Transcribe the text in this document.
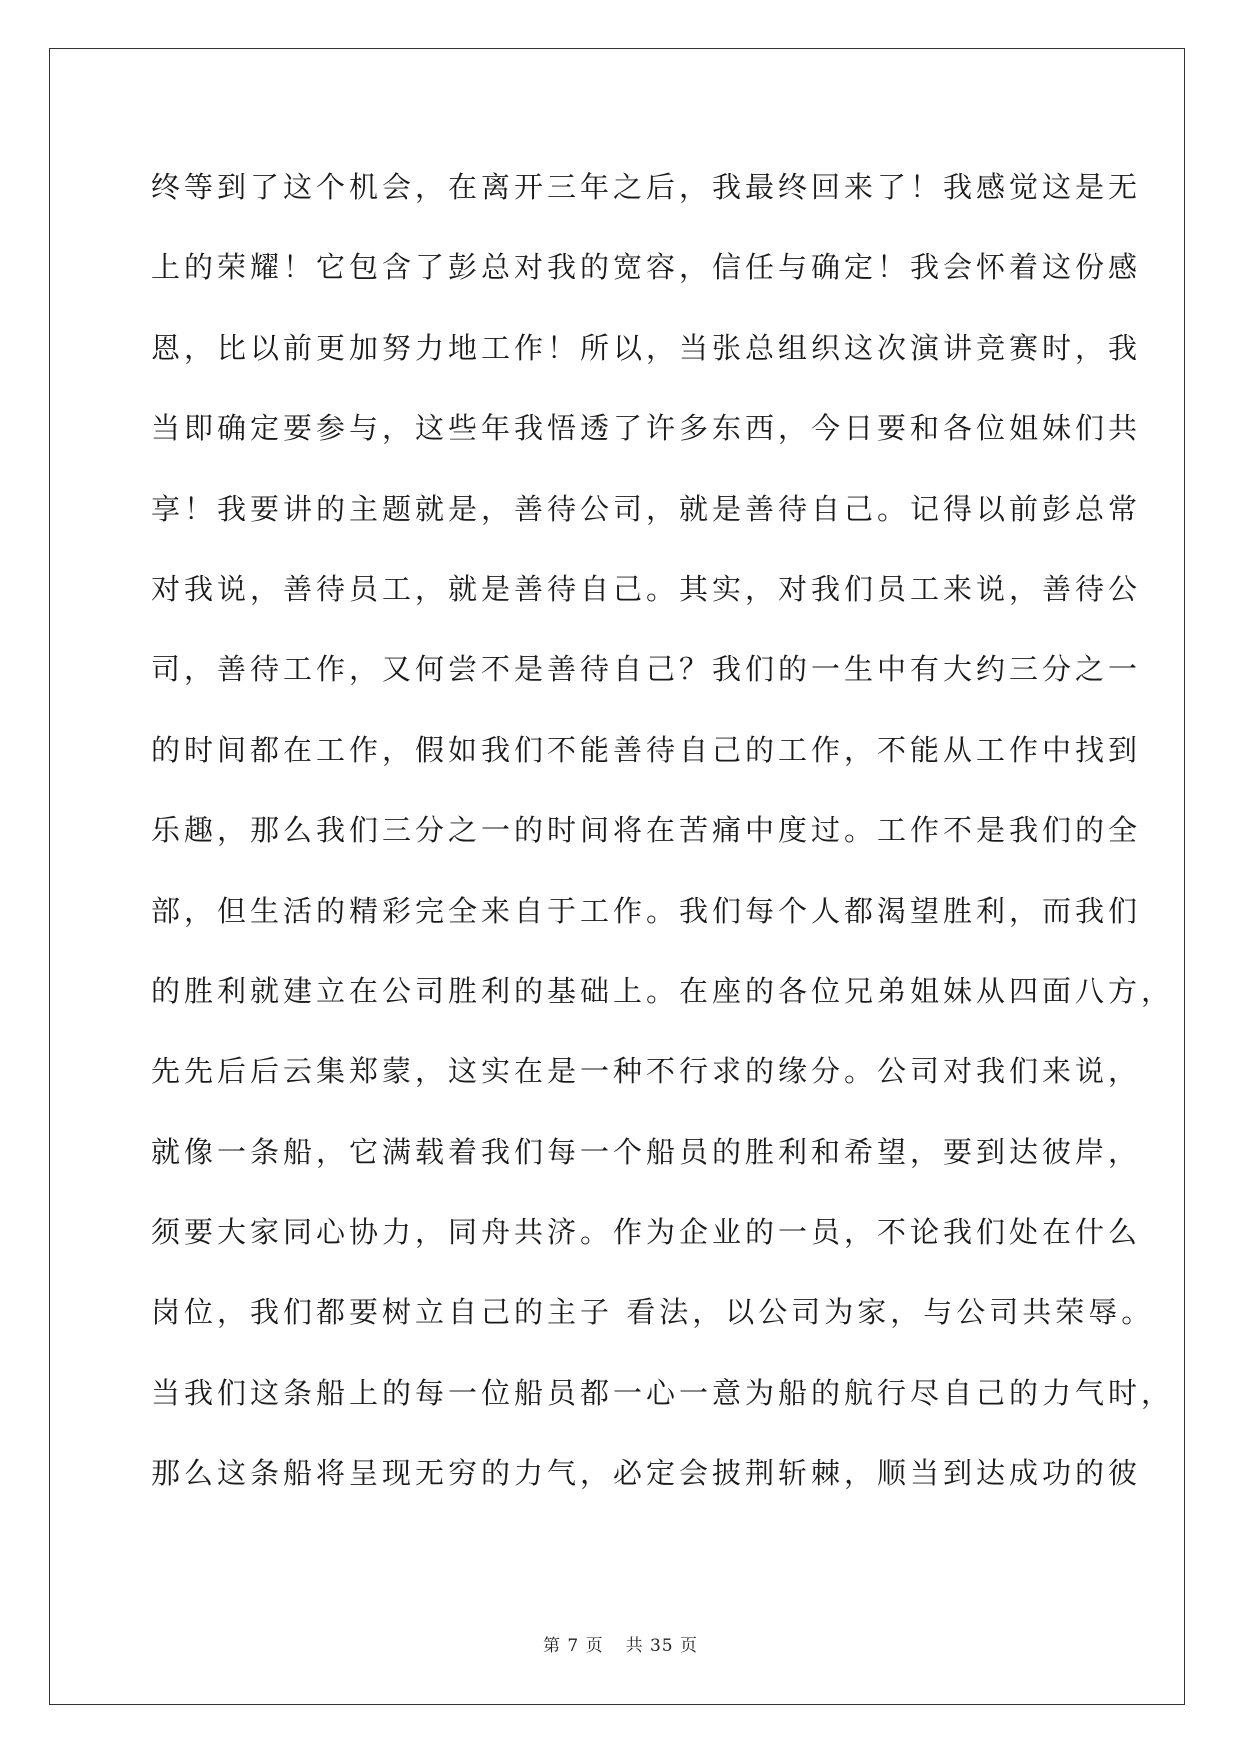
终等到了这个机会，在离开三年之后，我最终回来了！我感觉这是无
上的荣耀！它包含了彭总对我的宽容，信任与确定！我会怀着这份感
恩，比以前更加努力地工作！所以，当张总组织这次演讲竞赛时，我
当即确定要参与，这些年我悟透了许多东西，今日要和各位姐妹们共
享！我要讲的主题就是，善待公司，就是善待自己。记得以前彭总常
对我说，善待员工，就是善待自己。其实，对我们员工来说，善待公
司，善待工作，又何尝不是善待自己？我们的一生中有大约三分之一
的时间都在工作，假如我们不能善待自己的工作，不能从工作中找到
乐趣，那么我们三分之一的时间将在苦痛中度过。工作不是我们的全
部，但生活的精彩完全来自于工作。我们每个人都渴望胜利，而我们
的胜利就建立在公司胜利的基础上。在座的各位兄弟姐妹从四面八方，
先先后后云集郑蒙，这实在是一种不行求的缘分。公司对我们来说，
就像一条船，它满载着我们每一个船员的胜利和希望，要到达彼岸，
须要大家同心协力，同舟共济。作为企业的一员，不论我们处在什么
岗位，我们都要树立自己的主子 看法，以公司为家，与公司共荣辱。
当我们这条船上的每一位船员都一心一意为船的航行尽自己的力气时，
那么这条船将呈现无穷的力气，必定会披荆斩棘，顺当到达成功的彼
第 7 页 共 35 页
